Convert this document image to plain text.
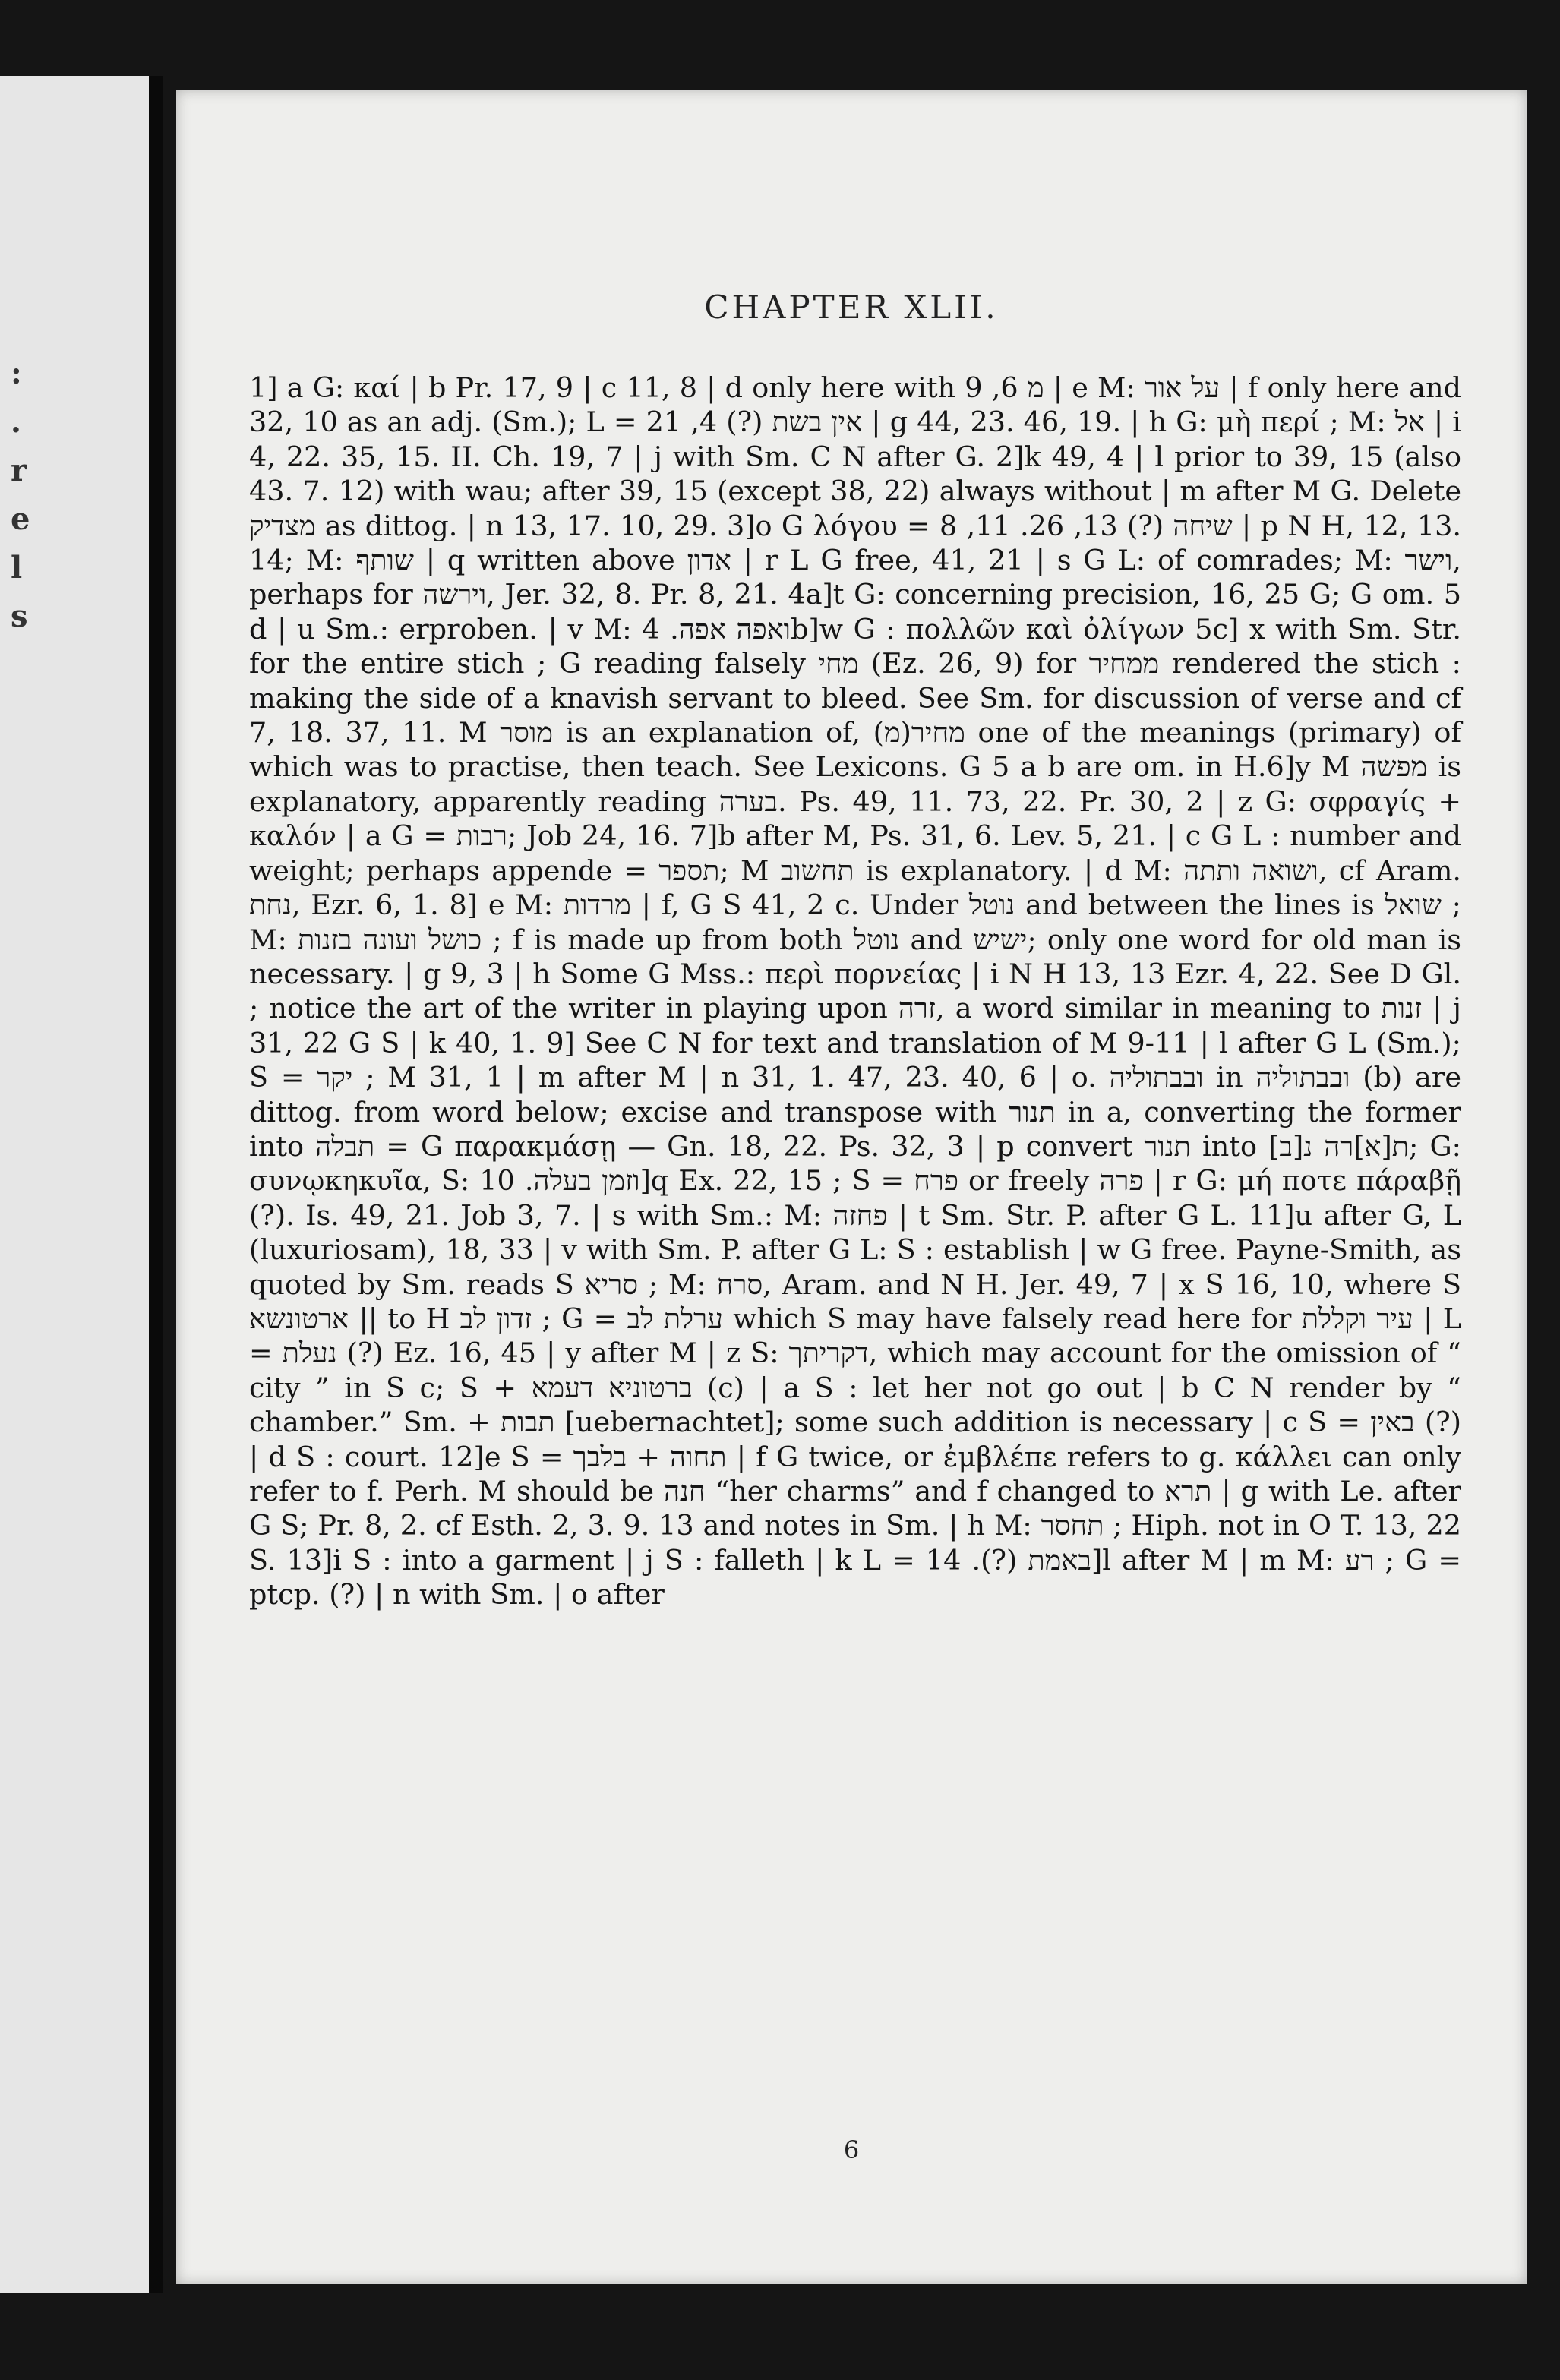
:
.
r
e
l
s
CHAPTER XLII.
1] a G: καί | b Pr. 17, 9 | c 11, 8 | d only here with מ 6, 9 | e M: על אור | f only here and 32, 10 as an adj. (Sm.); L = אין בשת (?) 4, 21 | g 44, 23. 46, 19. | h G: μὴ περί ; M: אל | i 4, 22. 35, 15. II. Ch. 19, 7 | j with Sm. C N after G. 2]k 49, 4 | l prior to 39, 15 (also 43. 7. 12) with wau; after 39, 15 (except 38, 22) always without | m after M G. Delete מצדיק as dittog. | n 13, 17. 10, 29. 3]o G λόγου = שיחה (?) 13, 26. 11, 8 | p N H, 12, 13. 14; M: שותף | q written above אדון | r L G free, 41, 21 | s G L: of comrades; M: וישר, perhaps for וירשה, Jer. 32, 8. Pr. 8, 21. 4a]t G: concerning precision, 16, 25 G; G om. 5 d | u Sm.: erproben. | v M: ואפה אפה. 4b]w G : πολλῶν καὶ ὀλίγων 5c] x with Sm. Str. for the entire stich ; G reading falsely מחי (Ez. 26, 9) for ממחיר rendered the stich : making the side of a knavish servant to bleed. See Sm. for discussion of verse and cf 7, 18. 37, 11. M מוסר is an explanation of, (מ)מחיר one of the meanings (primary) of which was to practise, then teach. See Lexicons. G 5 a b are om. in H.6]y M מפשה is explanatory, apparently reading בערה. Ps. 49, 11. 73, 22. Pr. 30, 2 | z G: σφραγίς + καλόν | a G = רבות; Job 24, 16. 7]b after M, Ps. 31, 6. Lev. 5, 21. | c G L : number and weight; perhaps appende = תספר; M תחשוב is explanatory. | d M: ושואה ותתה, cf Aram. נחת, Ezr. 6, 1. 8] e M: מרדות | f, G S 41, 2 c. Under נוטל and between the lines is שואל ; M: כושל ועונה בזנות ; f is made up from both נוטל and ישיש; only one word for old man is necessary. | g 9, 3 | h Some G Mss.: περὶ πορνείας | i N H 13, 13 Ezr. 4, 22. See D Gl. ; notice the art of the writer in playing upon זרה, a word similar in meaning to זנות | j 31, 22 G S | k 40, 1. 9] See C N for text and translation of M 9-11 | l after G L (Sm.); S = יקר ; M 31, 1 | m after M | n 31, 1. 47, 23. 40, 6 | o. ובבתוליה in ובבתוליה (b) are dittog. from word below; excise and transpose with תנור in a, converting the former into תבלה = G παρακμάσῃ — Gn. 18, 22. Ps. 32, 3 | p convert תנור into ת[א]רה נ[ב]; G: συνῳκηκυῖα, S: וזמן בעלה. 10]q Ex. 22, 15 ; S = פרח or freely פרה | r G: μή ποτε πάραβῇ (?). Is. 49, 21. Job 3, 7. | s with Sm.: M: פחזה | t Sm. Str. P. after G L. 11]u after G, L (luxuriosam), 18, 33 | v with Sm. P. after G L: S : establish | w G free. Payne-Smith, as quoted by Sm. reads S סריא ; M: סרח, Aram. and N H. Jer. 49, 7 | x S 16, 10, where S ארטונשא || to H זדון לב ; G = ערלת לב which S may have falsely read here for עיר וקללת | L = נעלת (?) Ez. 16, 45 | y after M | z S: דקריתך, which may account for the omission of “ city ” in S c; S + ברטוניא דעמא (c) | a S : let her not go out | b C N render by “ chamber.” Sm. + תבות [uebernachtet]; some such addition is necessary | c S = באין (?) | d S : court. 12]e S = תחוה + בלבך | f G twice, or ἐμβλέπε refers to g. κάλλει can only refer to f. Perh. M should be חנה “her charms” and f changed to תרא | g with Le. after G S; Pr. 8, 2. cf Esth. 2, 3. 9. 13 and notes in Sm. | h M: תחסר ; Hiph. not in O T. 13, 22 S. 13]i S : into a garment | j S : falleth | k L = באמת (?). 14]l after M | m M: רע ; G = ptcp. (?) | n with Sm. | o after
6
